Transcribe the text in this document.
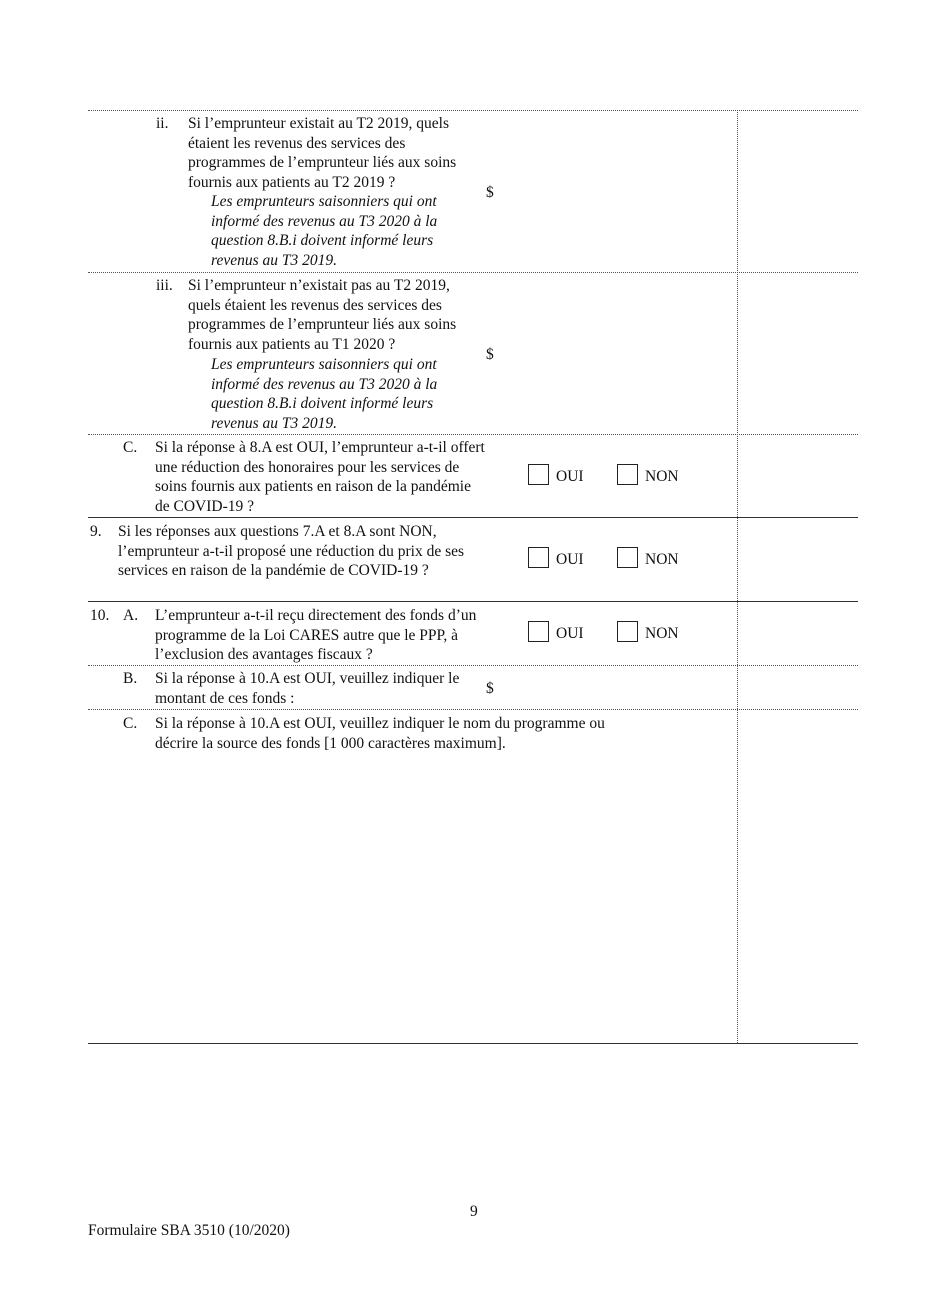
ii. Si l’emprunteur existait au T2 2019, quels étaient les revenus des services des programmes de l’emprunteur liés aux soins fournis aux patients au T2 2019 ?
Les emprunteurs saisonniers qui ont informé des revenus au T3 2020 à la question 8.B.i doivent informé leurs revenus au T3 2019.
$
iii. Si l’emprunteur n’existait pas au T2 2019, quels étaient les revenus des services des programmes de l’emprunteur liés aux soins fournis aux patients au T1 2020 ?
Les emprunteurs saisonniers qui ont informé des revenus au T3 2020 à la question 8.B.i doivent informé leurs revenus au T3 2019.
$
C. Si la réponse à 8.A est OUI, l’emprunteur a-t-il offert une réduction des honoraires pour les services de soins fournis aux patients en raison de la pandémie de COVID-19 ?
OUI	NON
9. Si les réponses aux questions 7.A et 8.A sont NON, l’emprunteur a-t-il proposé une réduction du prix de ses services en raison de la pandémie de COVID-19 ?
OUI	NON
10. A. L’emprunteur a-t-il reçu directement des fonds d’un programme de la Loi CARES autre que le PPP, à l’exclusion des avantages fiscaux ?
OUI	NON
B. Si la réponse à 10.A est OUI, veuillez indiquer le montant de ces fonds :
$
C. Si la réponse à 10.A est OUI, veuillez indiquer le nom du programme ou décrire la source des fonds [1 000 caractères maximum].
9
Formulaire SBA 3510 (10/2020)
